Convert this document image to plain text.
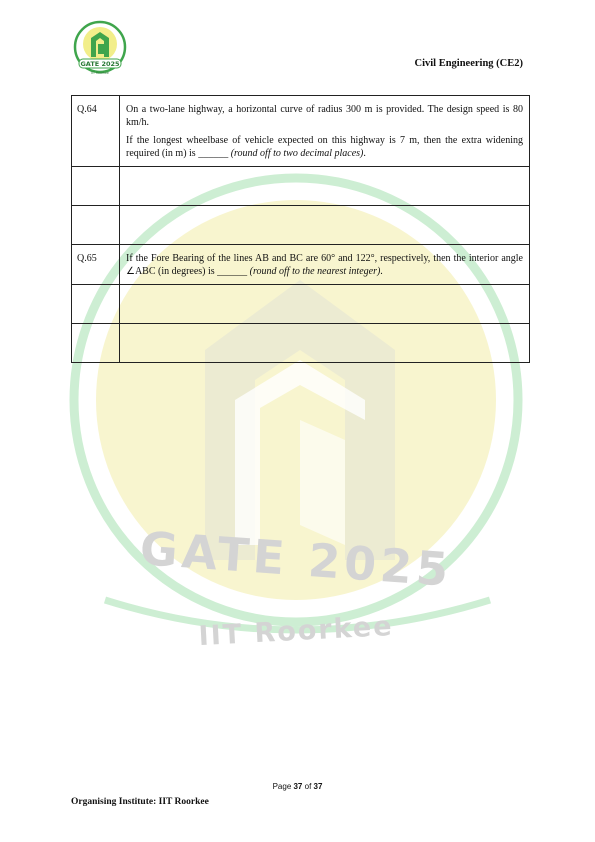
GATE 2025
IIT Roorkee
GATE 2025
IIT Roorkee
Civil Engineering (CE2)
Q.64	On a two-lane highway, a horizontal curve of radius 300 m is provided. The design speed is 80 km/h.

If the longest wheelbase of vehicle expected on this highway is 7 m, then the extra widening required (in m) is ______ (round off to two decimal places).

Q.65	If the Fore Bearing of the lines AB and BC are 60° and 122°, respectively, then the interior angle ∠ABC (in degrees) is ______ (round off to the nearest integer).

Page 37 of 37
Organising Institute: IIT Roorkee
